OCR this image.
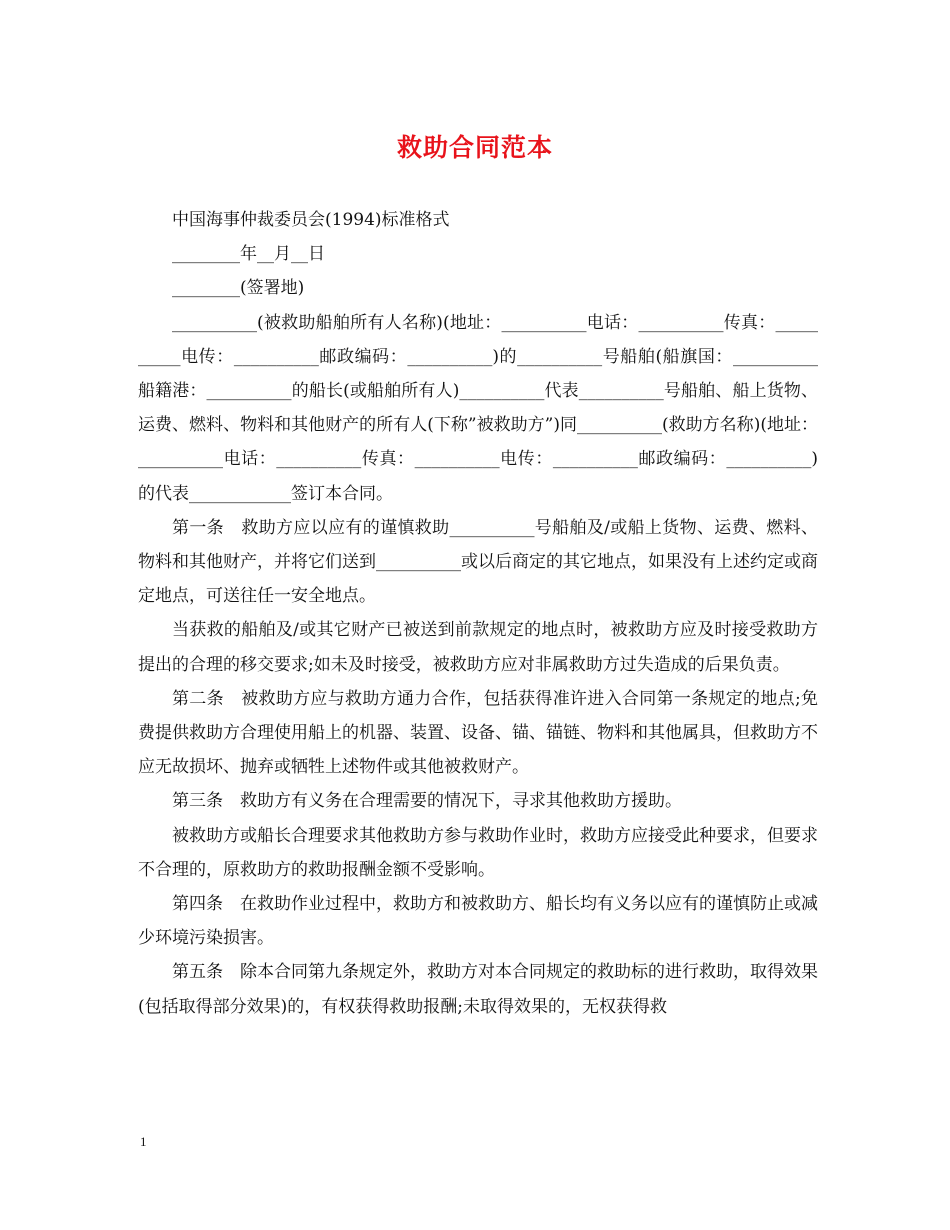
救助合同范本

中国海事仲裁委员会(1994)标准格式

________年__月__日

________(签署地)

__________(被救助船舶所有人名称)(地址：__________电话：__________传真：__________电传：__________邮政编码：__________)的__________号船舶(船旗国：__________船籍港：__________的船长(或船舶所有人)__________代表__________号船舶、船上货物、运费、燃料、物料和其他财产的所有人(下称”被救助方”)同__________(救助方名称)(地址：__________电话：__________传真：__________电传：__________邮政编码：__________)的代表____________签订本合同。

第一条　救助方应以应有的谨慎救助__________号船舶及/或船上货物、运费、燃料、物料和其他财产，并将它们送到__________或以后商定的其它地点，如果没有上述约定或商定地点，可送往任一安全地点。

当获救的船舶及/或其它财产已被送到前款规定的地点时，被救助方应及时接受救助方提出的合理的移交要求;如未及时接受，被救助方应对非属救助方过失造成的后果负责。

第二条　被救助方应与救助方通力合作，包括获得准许进入合同第一条规定的地点;免费提供救助方合理使用船上的机器、装置、设备、锚、锚链、物料和其他属具，但救助方不应无故损坏、抛弃或牺牲上述物件或其他被救财产。

第三条　救助方有义务在合理需要的情况下，寻求其他救助方援助。

被救助方或船长合理要求其他救助方参与救助作业时，救助方应接受此种要求，但要求不合理的，原救助方的救助报酬金额不受影响。

第四条　在救助作业过程中，救助方和被救助方、船长均有义务以应有的谨慎防止或减少环境污染损害。

第五条　除本合同第九条规定外，救助方对本合同规定的救助标的进行救助，取得效果(包括取得部分效果)的，有权获得救助报酬;未取得效果的，无权获得救

1
